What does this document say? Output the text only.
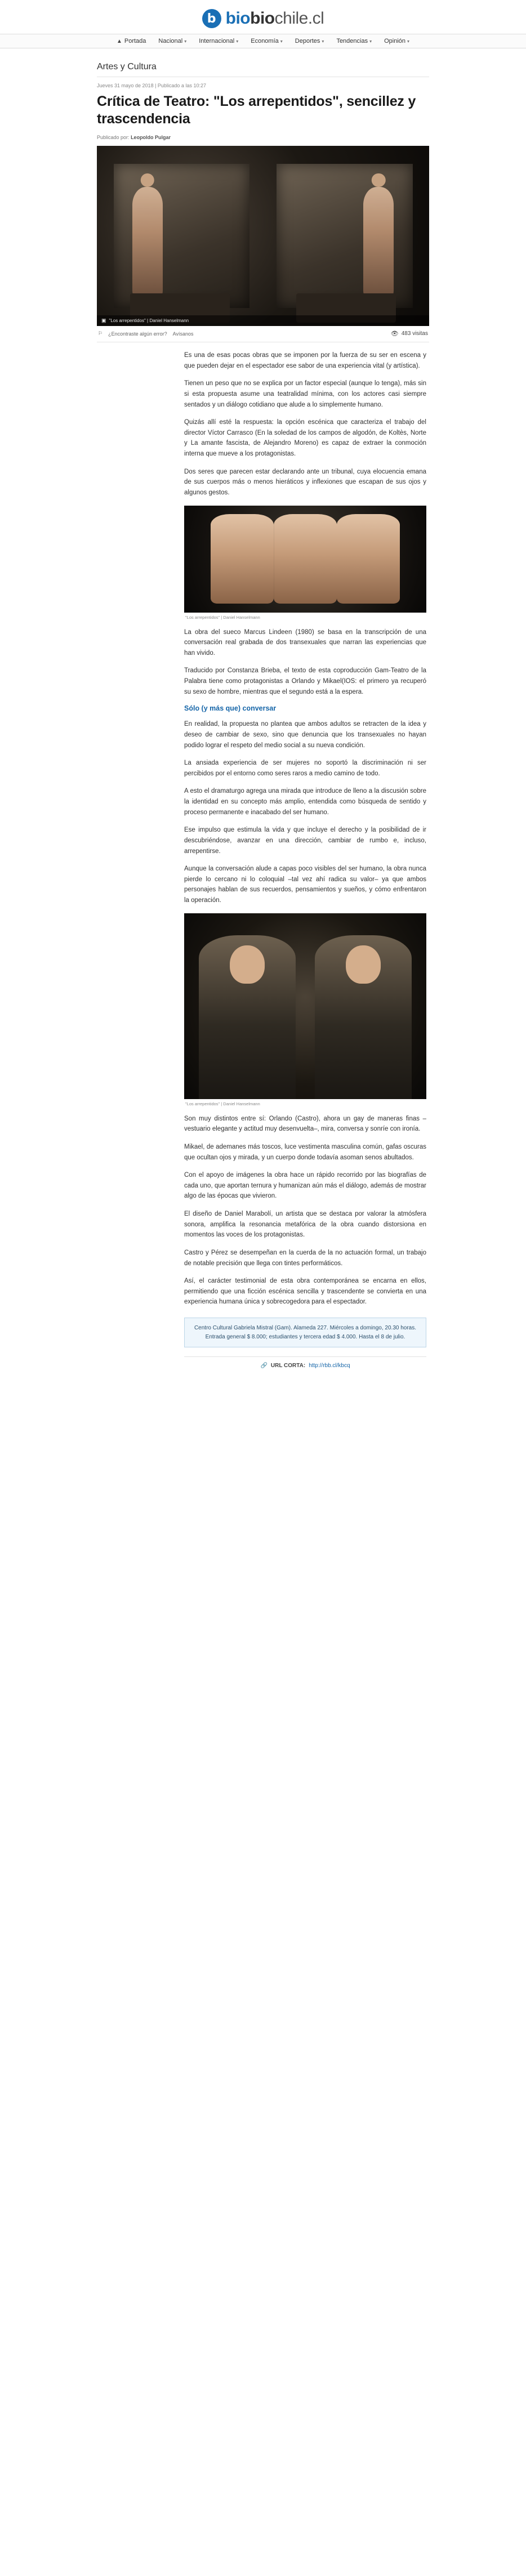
b biobiochile.cl
▲ Portada	Nacional ▾	Internacional ▾	Economía ▾	Deportes ▾	Tendencias ▾	Opinión ▾
Artes y Cultura
Jueves 31 mayo de 2018 | Publicado a las 10:27
Crítica de Teatro: "Los arrepentidos", sencillez y trascendencia
Publicado por: Leopoldo Pulgar
▣ "Los arrepentidos" | Daniel Hanselmann
⚐ ¿Encontraste algún error? Avísanos	👁 483 visitas

Es una de esas pocas obras que se imponen por la fuerza de su ser en escena y que pueden dejar en el espectador ese sabor de una experiencia vital (y artística).

Tienen un peso que no se explica por un factor especial (aunque lo tenga), más sin si esta propuesta asume una teatralidad mínima, con los actores casi siempre sentados y un diálogo cotidiano que alude a lo simplemente humano.

Quizás allí esté la respuesta: la opción escénica que caracteriza el trabajo del director Víctor Carrasco (En la soledad de los campos de algodón, de Koltès, Norte y La amante fascista, de Alejandro Moreno) es capaz de extraer la conmoción interna que mueve a los protagonistas.

Dos seres que parecen estar declarando ante un tribunal, cuya elocuencia emana de sus cuerpos más o menos hieráticos y inflexiones que escapan de sus ojos y algunos gestos.

"Los arrepentidos" | Daniel Hanselmann

La obra del sueco Marcus Lindeen (1980) se basa en la transcripción de una conversación real grabada de dos transexuales que narran las experiencias que han vivido.

Traducido por Constanza Brieba, el texto de esta coproducción Gam-Teatro de la Palabra tiene como protagonistas a Orlando y Mikael(IOS: el primero ya recuperó su sexo de hombre, mientras que el segundo está a la espera.

Sólo (y más que) conversar

En realidad, la propuesta no plantea que ambos adultos se retracten de la idea y deseo de cambiar de sexo, sino que denuncia que los transexuales no hayan podido lograr el respeto del medio social a su nueva condición.

La ansiada experiencia de ser mujeres no soportó la discriminación ni ser percibidos por el entorno como seres raros a medio camino de todo.

A esto el dramaturgo agrega una mirada que introduce de lleno a la discusión sobre la identidad en su concepto más amplio, entendida como búsqueda de sentido y proceso permanente e inacabado del ser humano.

Ese impulso que estimula la vida y que incluye el derecho y la posibilidad de ir descubriéndose, avanzar en una dirección, cambiar de rumbo e, incluso, arrepentirse.

Aunque la conversación alude a capas poco visibles del ser humano, la obra nunca pierde lo cercano ni lo coloquial –tal vez ahí radica su valor– ya que ambos personajes hablan de sus recuerdos, pensamientos y sueños, y cómo enfrentaron la operación.

"Los arrepentidos" | Daniel Hanselmann

Son muy distintos entre sí: Orlando (Castro), ahora un gay de maneras finas –vestuario elegante y actitud muy desenvuelta–, mira, conversa y sonríe con ironía.

Mikael, de ademanes más toscos, luce vestimenta masculina común, gafas oscuras que ocultan ojos y mirada, y un cuerpo donde todavía asoman senos abultados.

Con el apoyo de imágenes la obra hace un rápido recorrido por las biografías de cada uno, que aportan ternura y humanizan aún más el diálogo, además de mostrar algo de las épocas que vivieron.

El diseño de Daniel Marabolí, un artista que se destaca por valorar la atmósfera sonora, amplifica la resonancia metafórica de la obra cuando distorsiona en momentos las voces de los protagonistas.

Castro y Pérez se desempeñan en la cuerda de la no actuación formal, un trabajo de notable precisión que llega con tintes performáticos.

Así, el carácter testimonial de esta obra contemporánea se encarna en ellos, permitiendo que una ficción escénica sencilla y trascendente se convierta en una experiencia humana única y sobrecogedora para el espectador.

Centro Cultural Gabriela Mistral (Gam). Alameda 227. Miércoles a domingo, 20.30 horas. Entrada general $ 8.000; estudiantes y tercera edad $ 4.000. Hasta el 8 de julio.
🔗 URL CORTA: http://rbb.cl/kbcq
